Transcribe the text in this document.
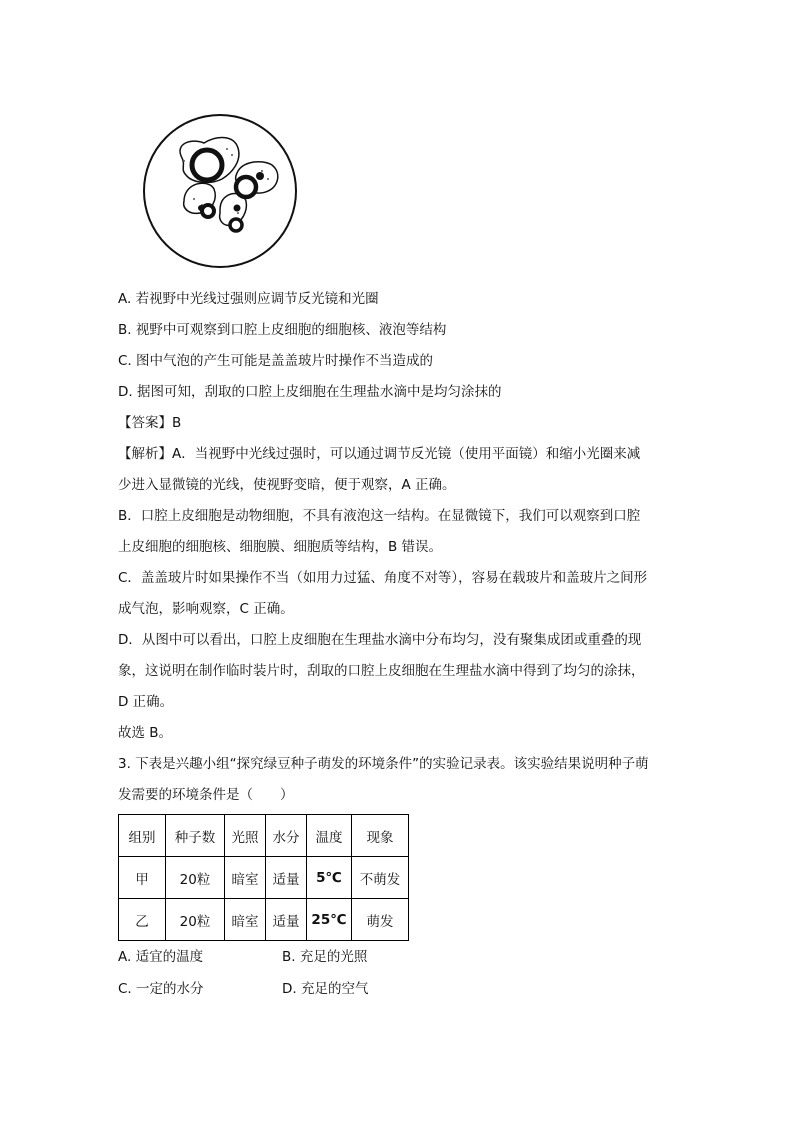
A. 若视野中光线过强则应调节反光镜和光圈
B. 视野中可观察到口腔上皮细胞的细胞核、液泡等结构
C. 图中气泡的产生可能是盖盖玻片时操作不当造成的
D. 据图可知，刮取的口腔上皮细胞在生理盐水滴中是均匀涂抹的
【答案】B
【解析】A．当视野中光线过强时，可以通过调节反光镜（使用平面镜）和缩小光圈来减
少进入显微镜的光线，使视野变暗，便于观察，A 正确。
B．口腔上皮细胞是动物细胞，不具有液泡这一结构。在显微镜下，我们可以观察到口腔
上皮细胞的细胞核、细胞膜、细胞质等结构，B 错误。
C．盖盖玻片时如果操作不当（如用力过猛、角度不对等），容易在载玻片和盖玻片之间形
成气泡，影响观察，C 正确。
D．从图中可以看出，口腔上皮细胞在生理盐水滴中分布均匀，没有聚集成团或重叠的现
象，这说明在制作临时装片时，刮取的口腔上皮细胞在生理盐水滴中得到了均匀的涂抹，
D 正确。
故选 B。
3. 下表是兴趣小组“探究绿豆种子萌发的环境条件”的实验记录表。该实验结果说明种子萌
发需要的环境条件是（　　）
组别	种子数	光照	水分	温度	现象
甲	20粒	暗室	适量	5℃	不萌发
乙	20粒	暗室	适量	25℃	萌发
A. 适宜的温度	B. 充足的光照
C. 一定的水分	D. 充足的空气
